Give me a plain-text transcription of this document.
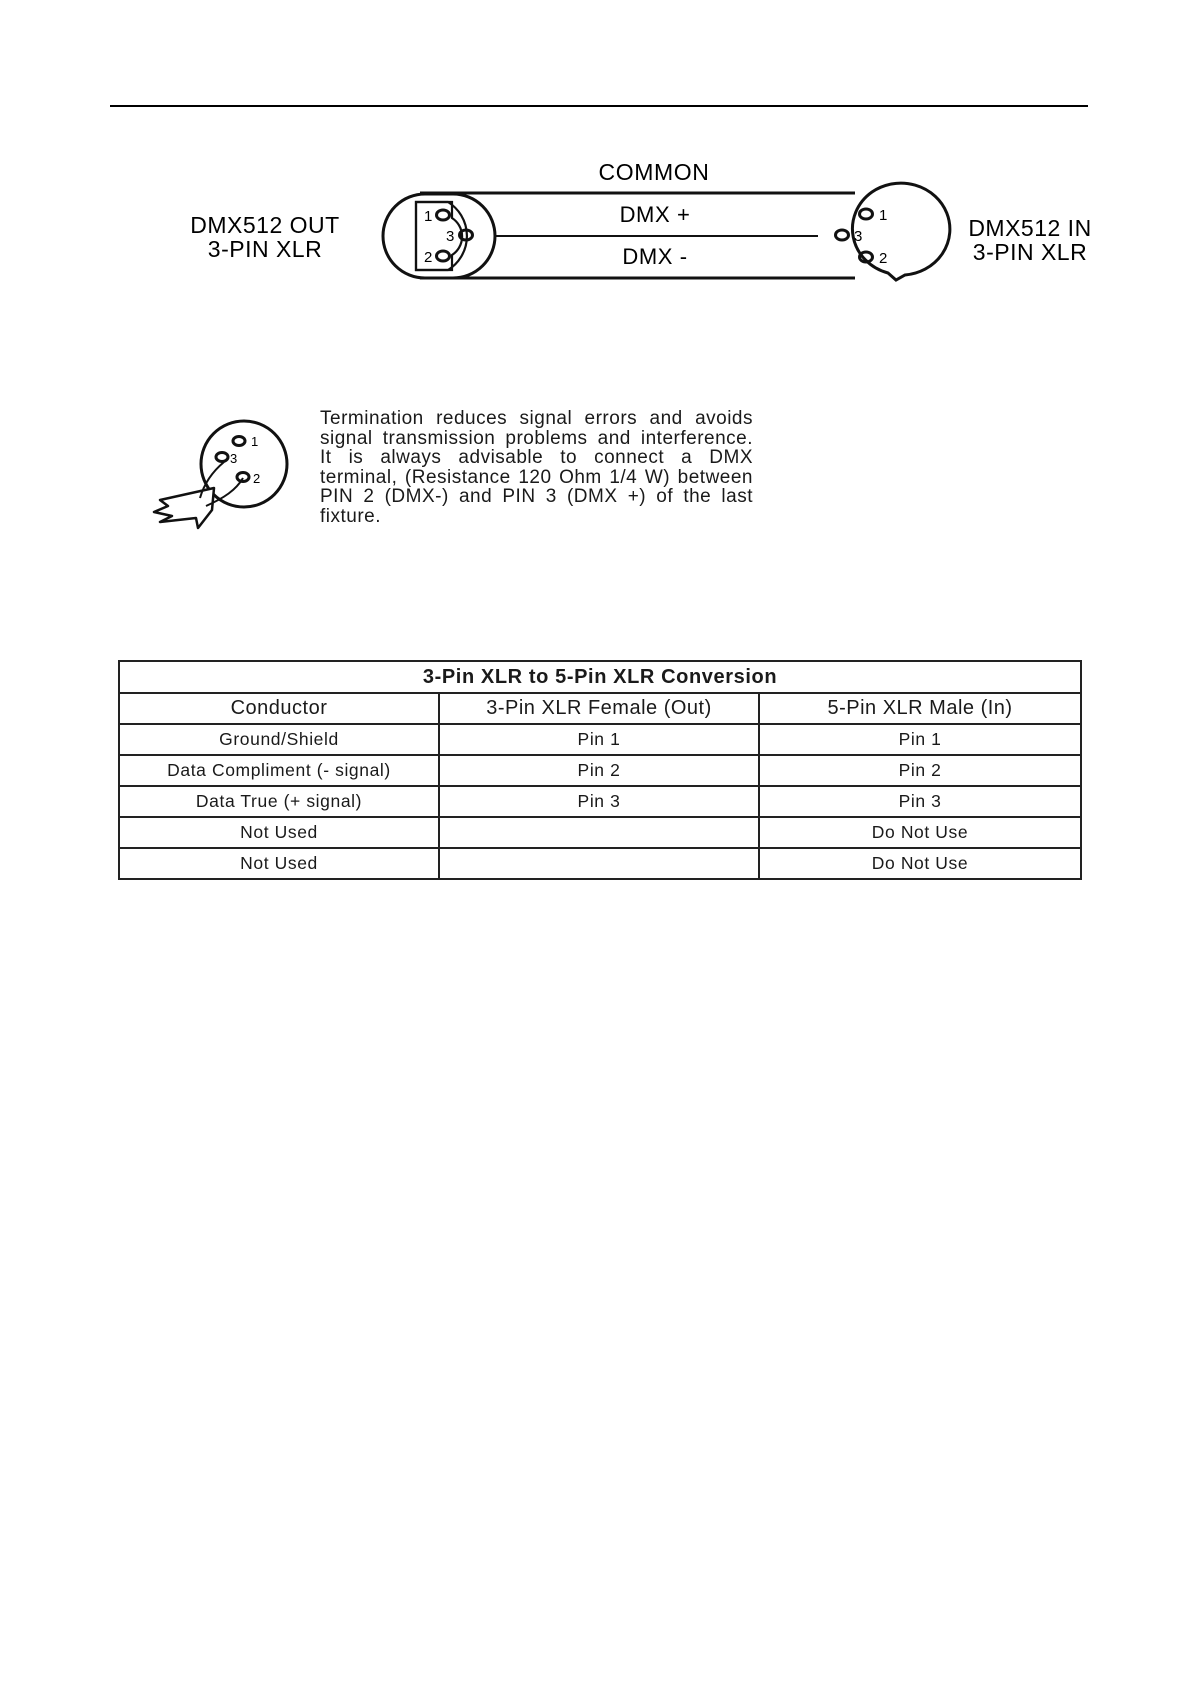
1
3
2
1
3
2
COMMON
DMX +
DMX -
DMX512 OUT
3-PIN XLR
DMX512 IN
3-PIN XLR
1
3
2
Termination reduces signal errors and avoids signal transmission problems and interference. It is always advisable to connect a DMX terminal, (Resistance 120 Ohm 1/4 W) between PIN 2 (DMX-) and PIN 3 (DMX +) of the last fixture.
3-Pin XLR to 5-Pin XLR Conversion		
Conductor	3-Pin XLR Female (Out)	5-Pin XLR Male (In)
Ground/Shield	Pin 1	Pin 1
Data Compliment (- signal)	Pin 2	Pin 2
Data True (+ signal)	Pin 3	Pin 3
Not Used		Do Not Use
Not Used		Do Not Use
